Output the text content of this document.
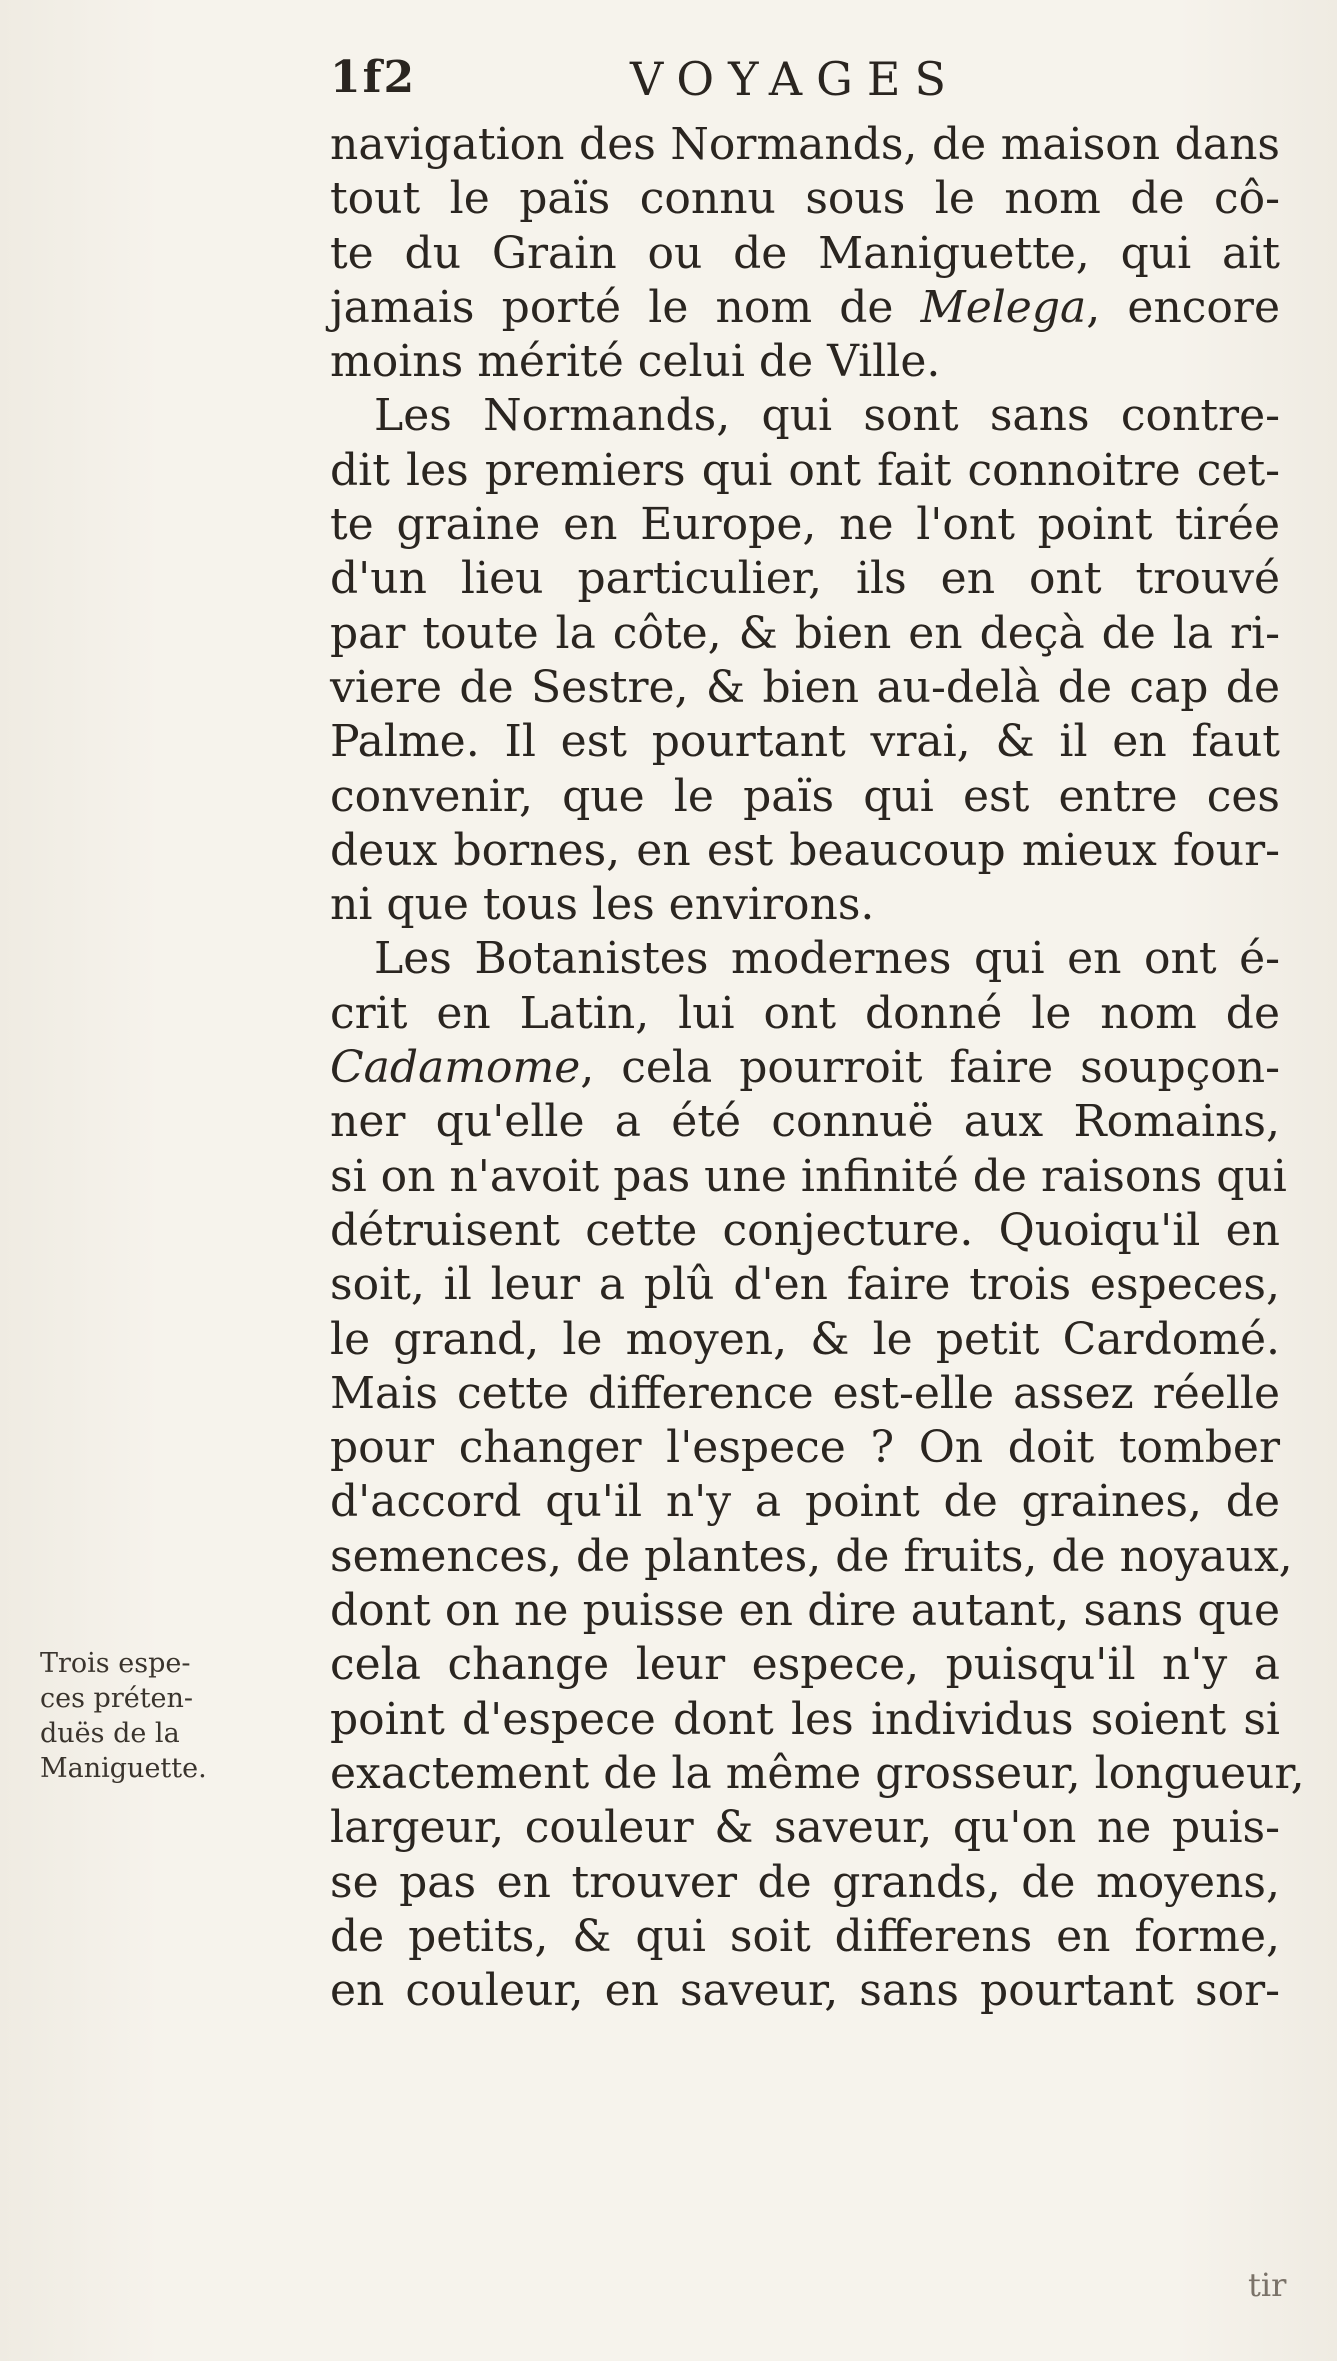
1f2	VOYAGES
navigation des Normands, de maison dans
tout le païs connu sous le nom de cô-
te du Grain ou de Maniguette, qui ait
jamais porté le nom de Melega, encore
moins mérité celui de Ville.
Les Normands, qui sont sans contre-
dit les premiers qui ont fait connoitre cet-
te graine en Europe, ne l'ont point tirée
d'un lieu particulier, ils en ont trouvé
par toute la côte, & bien en deçà de la ri-
viere de Sestre, & bien au-delà de cap de
Palme. Il est pourtant vrai, & il en faut
convenir, que le païs qui est entre ces
deux bornes, en est beaucoup mieux four-
ni que tous les environs.
Les Botanistes modernes qui en ont é-
crit en Latin, lui ont donné le nom de
Cadamome, cela pourroit faire soupçon-
ner qu'elle a été connuë aux Romains,
si on n'avoit pas une infinité de raisons qui
détruisent cette conjecture. Quoiqu'il en
soit, il leur a plû d'en faire trois especes,
le grand, le moyen, & le petit Cardomé.
Mais cette difference est-elle assez réelle
pour changer l'espece ? On doit tomber
d'accord qu'il n'y a point de graines, de
semences, de plantes, de fruits, de noyaux,
dont on ne puisse en dire autant, sans que
cela change leur espece, puisqu'il n'y a
point d'espece dont les individus soient si
exactement de la même grosseur, longueur,
largeur, couleur & saveur, qu'on ne puis-
se pas en trouver de grands, de moyens,
de petits, & qui soit differens en forme,
en couleur, en saveur, sans pourtant sor-
Trois espe-
ces préten-
duës de la
Maniguette.
tir
